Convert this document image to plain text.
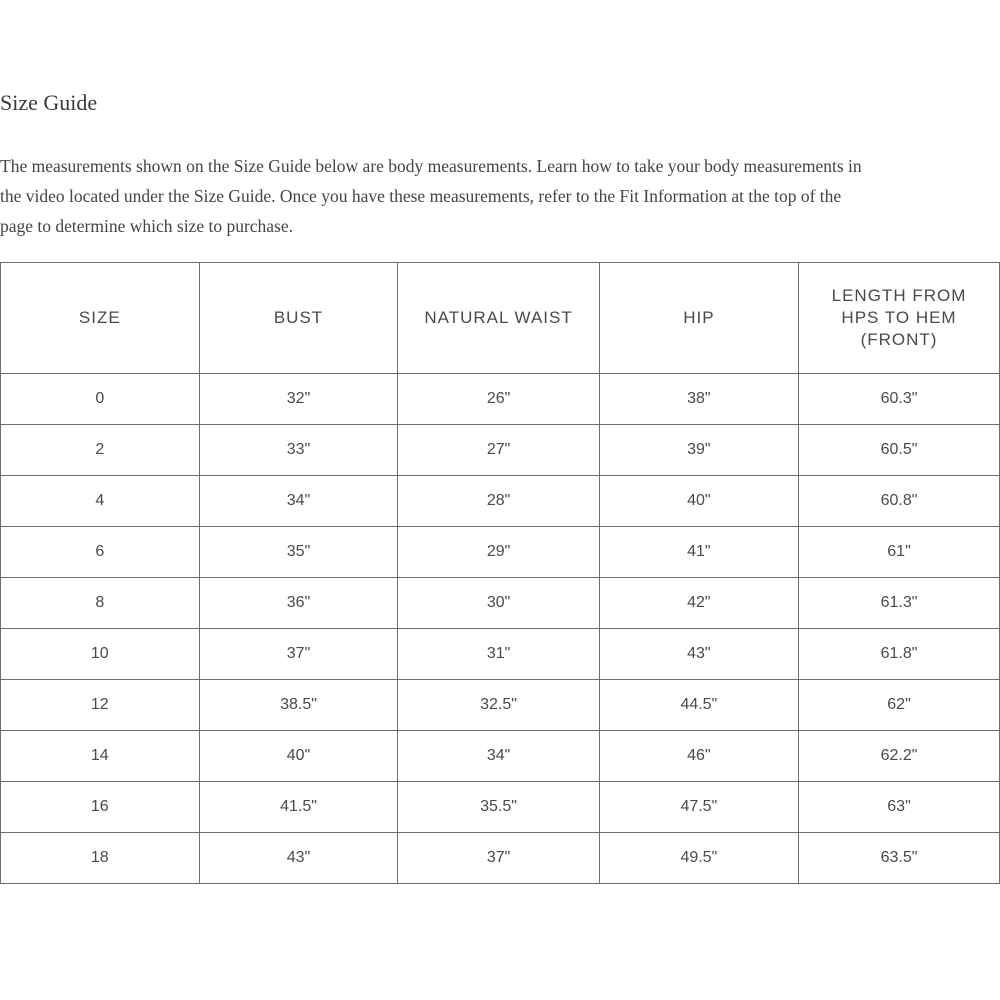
Size Guide
The measurements shown on the Size Guide below are body measurements. Learn how to take your body measurements in
the video located under the Size Guide. Once you have these measurements, refer to the Fit Information at the top of the
page to determine which size to purchase.
SIZE	BUST	NATURAL WAIST	HIP	LENGTH FROM
HPS TO HEM
(FRONT)
0	32"	26"	38"	60.3"
2	33"	27"	39"	60.5"
4	34"	28"	40"	60.8"
6	35"	29"	41"	61"
8	36"	30"	42"	61.3"
10	37"	31"	43"	61.8"
12	38.5"	32.5"	44.5"	62"
14	40"	34"	46"	62.2"
16	41.5"	35.5"	47.5"	63"
18	43"	37"	49.5"	63.5"
